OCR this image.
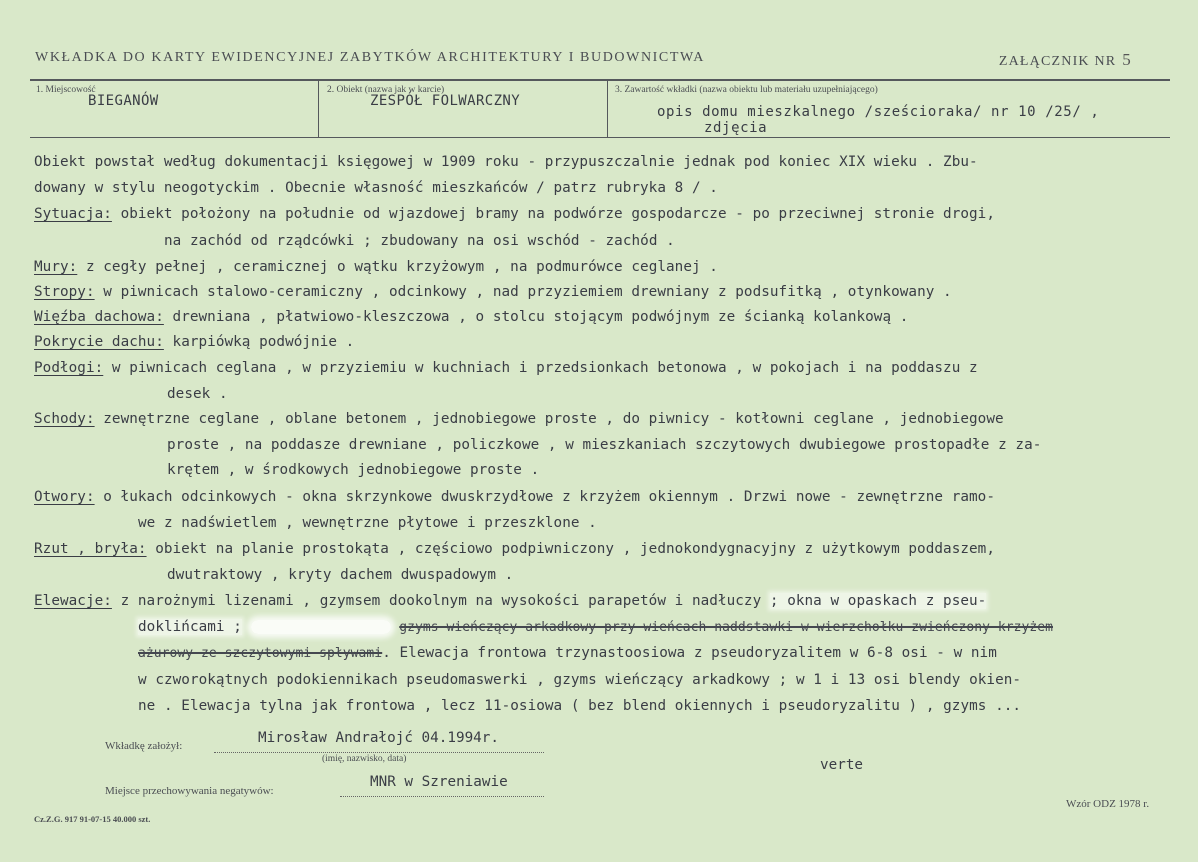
WKŁADKA DO KARTY EWIDENCYJNEJ ZABYTKÓW ARCHITEKTURY I BUDOWNICTWA	ZAŁĄCZNIK NR 5
1. Miejscowość
BIEGANÓW
2. Obiekt (nazwa jak w karcie)
ZESPÓŁ FOLWARCZNY
3. Zawartość wkładki (nazwa obiektu lub materiału uzupełniającego)
opis domu mieszkalnego /sześcioraka/ nr 10 /25/ ,
zdjęcia
Obiekt powstał według dokumentacji księgowej w 1909 roku - przypuszczalnie jednak pod koniec XIX wieku . Zbu-
dowany w stylu neogotyckim . Obecnie własność mieszkańców / patrz rubryka 8 / .
Sytuacja: obiekt położony na południe od wjazdowej bramy na podwórze gospodarcze - po przeciwnej stronie drogi,
na zachód od rządcówki ; zbudowany na osi wschód - zachód .
Mury: z cegły pełnej , ceramicznej o wątku krzyżowym , na podmurówce ceglanej .
Stropy: w piwnicach stalowo-ceramiczny , odcinkowy , nad przyziemiem drewniany z podsufitką , otynkowany .
Więźba dachowa: drewniana , płatwiowo-kleszczowa , o stolcu stojącym podwójnym ze ścianką kolankową .
Pokrycie dachu: karpiówką podwójnie .
Podłogi: w piwnicach ceglana , w przyziemiu w kuchniach i przedsionkach betonowa , w pokojach i na poddaszu z
desek .
Schody: zewnętrzne ceglane , oblane betonem , jednobiegowe proste , do piwnicy - kotłowni ceglane , jednobiegowe
proste , na poddasze drewniane , policzkowe , w mieszkaniach szczytowych dwubiegowe prostopadłe z za-
krętem , w środkowych jednobiegowe proste .
Otwory: o łukach odcinkowych - okna skrzynkowe dwuskrzydłowe z krzyżem okiennym . Drzwi nowe - zewnętrzne ramo-
we z nadświetlem , wewnętrzne płytowe i przeszklone .
Rzut , bryła: obiekt na planie prostokąta , częściowo podpiwniczony , jednokondygnacyjny z użytkowym poddaszem,
dwutraktowy , kryty dachem dwuspadowym .
Elewacje: z narożnymi lizenami , gzymsem dookolnym na wysokości parapetów i nadłuczy ; okna w opaskach z pseu-
doklińcami ;	gzyms wieńczący arkadkowy przy wieńcach naddstawki w wierzchołku zwieńczony krzyżem
ażurowy ze szczytowymi spływami. Elewacja frontowa trzynastoosiowa z pseudoryzalitem w 6-8 osi - w nim
w czworokątnych podokiennikach pseudomaswerki , gzyms wieńczący arkadkowy ; w 1 i 13 osi blendy okien-
ne . Elewacja tylna jak frontowa , lecz 11-osiowa ( bez blend okiennych i pseudoryzalitu ) , gzyms ...
Wkładkę założył:	Mirosław Andrałojć 04.1994r.
(imię, nazwisko, data)	verte
Miejsce przechowywania negatywów:
MNR w Szreniawie
Cz.Z.G. 917 91-07-15 40.000 szt.
Wzór ODZ 1978 r.
